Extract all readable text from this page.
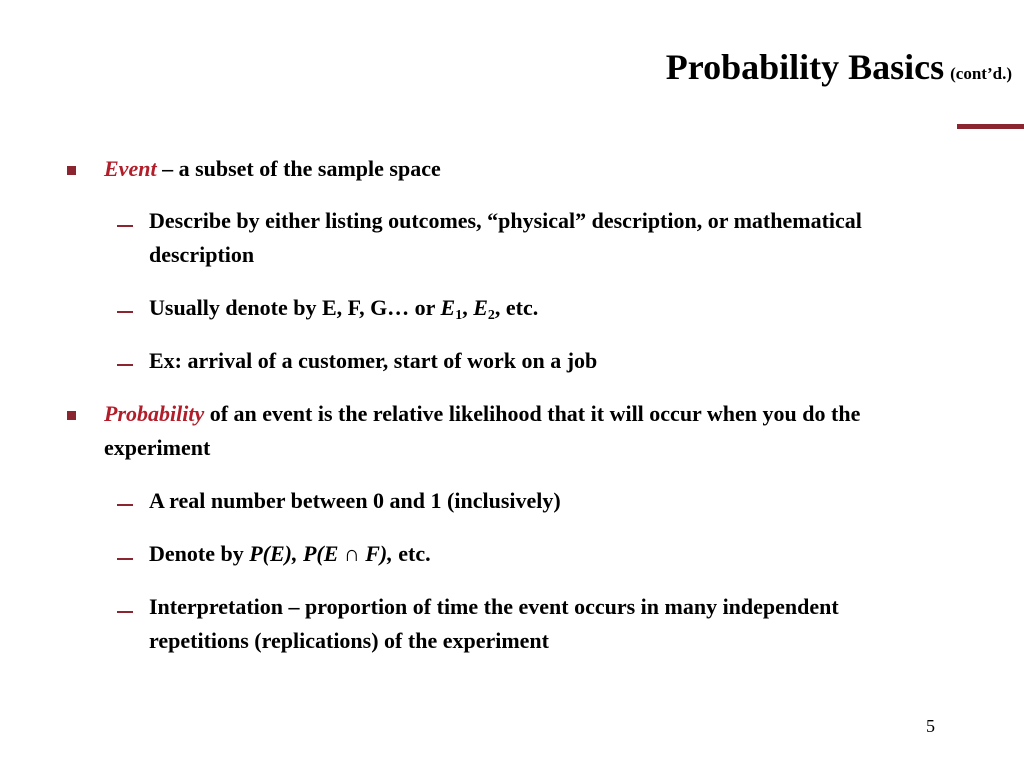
Probability Basics (cont’d.)
Event – a subset of the sample space
Describe by either listing outcomes, “physical” description, or mathematical description
Usually denote by E, F, G… or $E_1$, $E_2$, etc.
Ex: arrival of a customer, start of work on a job
Probability of an event is the relative likelihood that it will occur when you do the experiment
A real number between 0 and 1 (inclusively)
Denote by P(E), P(E ∩ F), etc.
Interpretation – proportion of time the event occurs in many independent repetitions (replications) of the experiment
5
